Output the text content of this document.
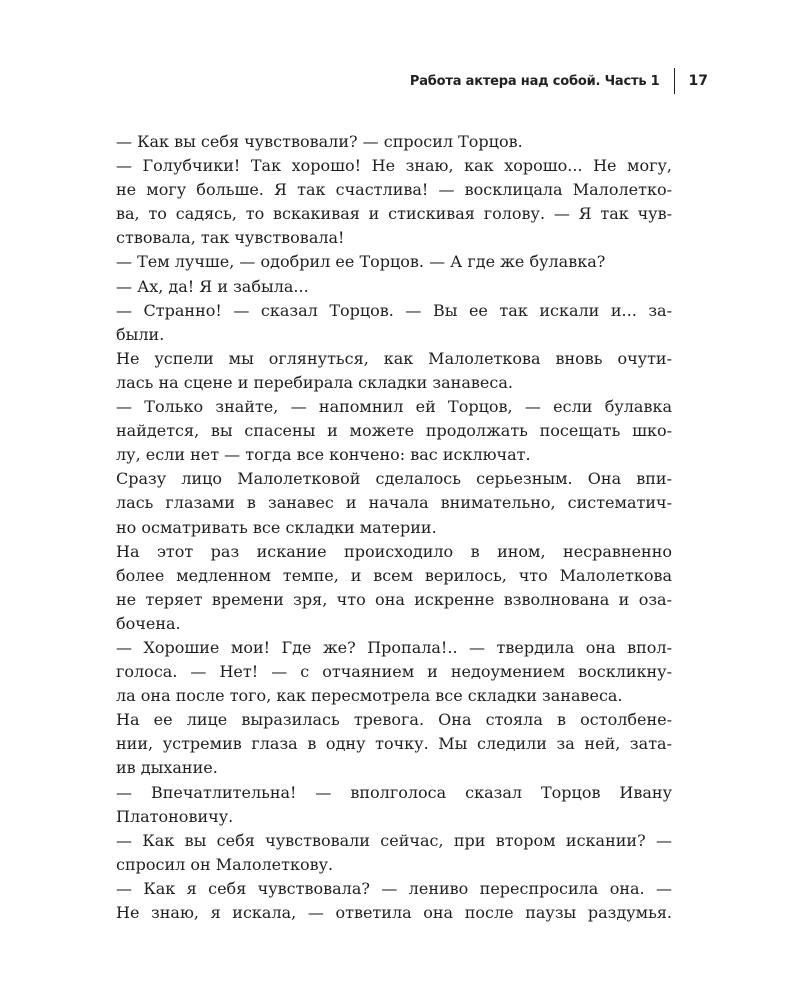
Работа актера над собой. Часть 1 17
— Как вы себя чувствовали? — спросил Торцов.
— Голубчики! Так хорошо! Не знаю, как хорошо... Не могу,
не могу больше. Я так счастлива! — восклицала Малолетко-
ва, то садясь, то вскакивая и стискивая голову. — Я так чув-
ствовала, так чувствовала!
— Тем лучше, — одобрил ее Торцов. — А где же булавка?
— Ах, да! Я и забыла...
— Странно! — сказал Торцов. — Вы ее так искали и... за-
были.
Не успели мы оглянуться, как Малолеткова вновь очути-
лась на сцене и перебирала складки занавеса.
— Только знайте, — напомнил ей Торцов, — если булавка
найдется, вы спасены и можете продолжать посещать шко-
лу, если нет — тогда все кончено: вас исключат.
Сразу лицо Малолетковой сделалось серьезным. Она впи-
лась глазами в занавес и начала внимательно, систематич-
но осматривать все складки материи.
На этот раз искание происходило в ином, несравненно
более медленном темпе, и всем верилось, что Малолеткова
не теряет времени зря, что она искренне взволнована и оза-
бочена.
— Хорошие мои! Где же? Пропала!.. — твердила она впол-
голоса. — Нет! — с отчаянием и недоумением воскликну-
ла она после того, как пересмотрела все складки занавеса.
На ее лице выразилась тревога. Она стояла в остолбене-
нии, устремив глаза в одну точку. Мы следили за ней, зата-
ив дыхание.
— Впечатлительна! — вполголоса сказал Торцов Ивану
Платоновичу.
— Как вы себя чувствовали сейчас, при втором искании? —
спросил он Малолеткову.
— Как я себя чувствовала? — лениво переспросила она. —
Не знаю, я искала, — ответила она после паузы раздумья.
